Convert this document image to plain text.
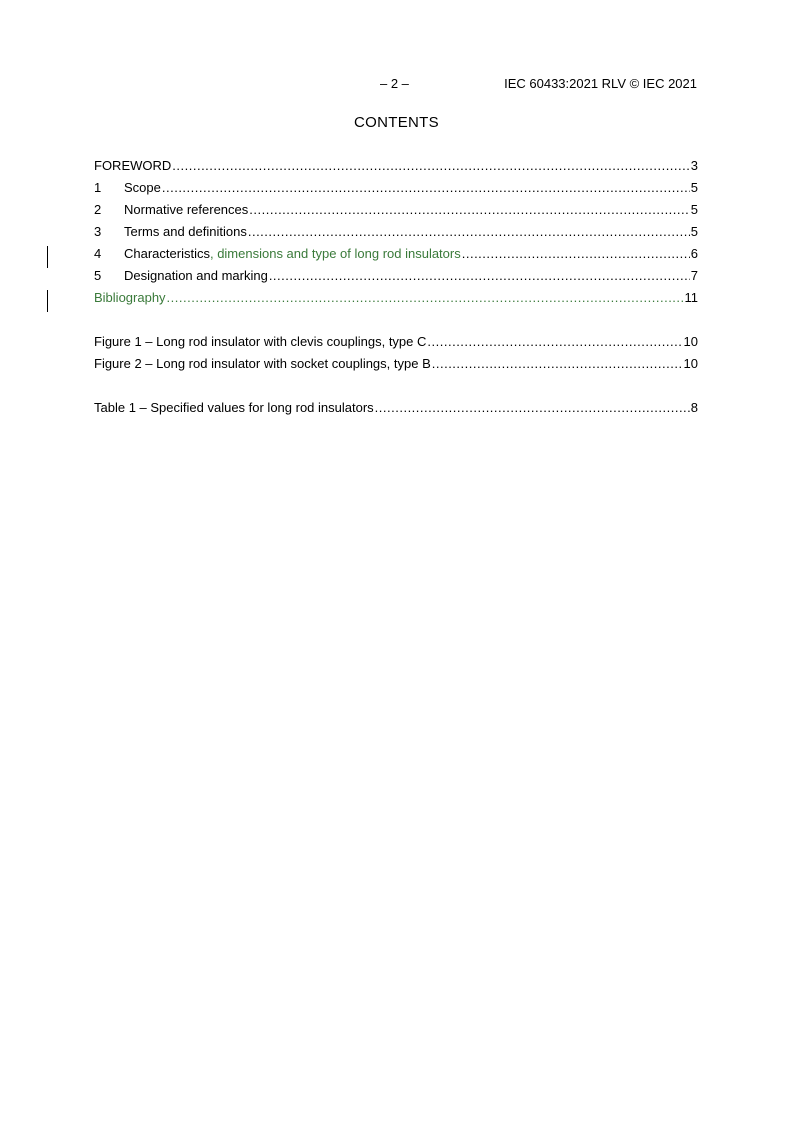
– 2 –	IEC 60433:2021 RLV © IEC 2021
CONTENTS
FOREWORD .....	3
1	Scope .....	5
2	Normative references .....	5
3	Terms and definitions .....	5
4	Characteristics , dimensions and type of long rod insulators .....	6
5	Designation and marking .....	7
Bibliography .....	11
Figure 1 – Long rod insulator with clevis couplings, type C .....	10
Figure 2 – Long rod insulator with socket couplings, type B .....	10
Table 1 – Specified values for long rod insulators .....	8
